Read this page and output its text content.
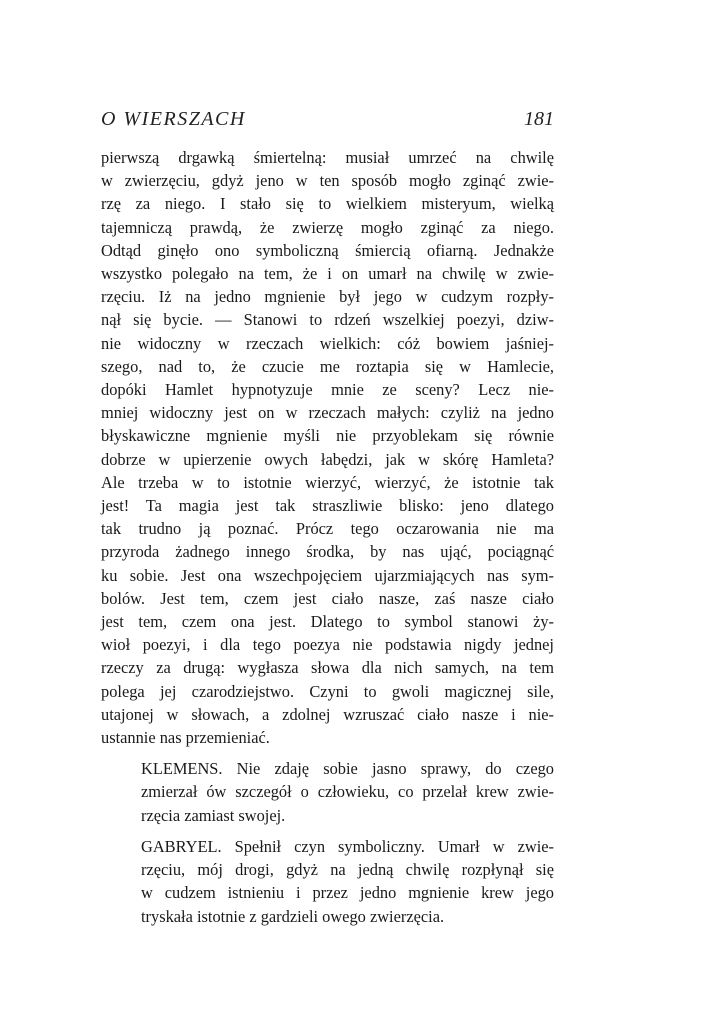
O WIERSZACH	181

pierwszą drgawką śmiertelną: musiał umrzeć na chwilę
w zwierzęciu, gdyż jeno w ten sposób mogło zginąć zwie-
rzę za niego. I stało się to wielkiem misteryum, wielką
tajemniczą prawdą, że zwierzę mogło zginąć za niego.
Odtąd ginęło ono symboliczną śmiercią ofiarną. Jednakże
wszystko polegało na tem, że i on umarł na chwilę w zwie-
rzęciu. Iż na jedno mgnienie był jego w cudzym rozpły-
nął się bycie. — Stanowi to rdzeń wszelkiej poezyi, dziw-
nie widoczny w rzeczach wielkich: cóż bowiem jaśniej-
szego, nad to, że czucie me roztapia się w Hamlecie,
dopóki Hamlet hypnotyzuje mnie ze sceny? Lecz nie-
mniej widoczny jest on w rzeczach małych: czyliż na jedno
błyskawiczne mgnienie myśli nie przyoblekam się równie
dobrze w upierzenie owych łabędzi, jak w skórę Hamleta?
Ale trzeba w to istotnie wierzyć, wierzyć, że istotnie tak
jest! Ta magia jest tak straszliwie blisko: jeno dlatego
tak trudno ją poznać. Prócz tego oczarowania nie ma
przyroda żadnego innego środka, by nas ująć, pociągnąć
ku sobie. Jest ona wszechpojęciem ujarzmiających nas sym-
bolów. Jest tem, czem jest ciało nasze, zaś nasze ciało
jest tem, czem ona jest. Dlatego to symbol stanowi ży-
wioł poezyi, i dla tego poezya nie podstawia nigdy jednej
rzeczy za drugą: wygłasza słowa dla nich samych, na tem
polega jej czarodziejstwo. Czyni to gwoli magicznej sile,
utajonej w słowach, a zdolnej wzruszać ciało nasze i nie-
ustannie nas przemieniać.

KLEMENS. Nie zdaję sobie jasno sprawy, do czego
zmierzał ów szczegół o człowieku, co przelał krew zwie-
rzęcia zamiast swojej.

GABRYEL. Spełnił czyn symboliczny. Umarł w zwie-
rzęciu, mój drogi, gdyż na jedną chwilę rozpłynął się
w cudzem istnieniu i przez jedno mgnienie krew jego
tryskała istotnie z gardzieli owego zwierzęcia.
